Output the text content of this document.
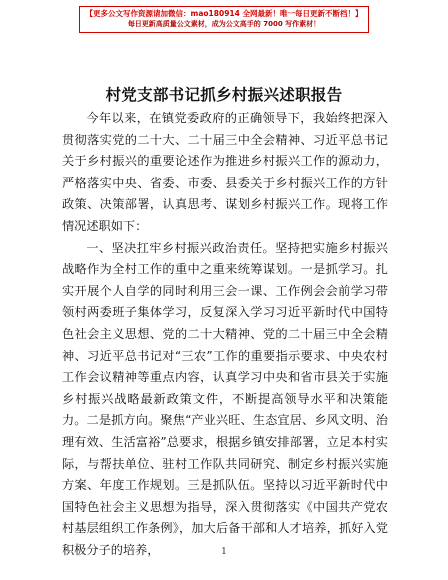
【更多公文写作资源请加微信：mao180914 全网最新！唯一每日更新不断档！】
每日更新高质量公文素材，成为公文高手的 7000 写作素材！
村党支部书记抓乡村振兴述职报告

今年以来，在镇党委政府的正确领导下，我始终把深入贯彻落实党的二十大、二十届三中全会精神、习近平总书记关于乡村振兴的重要论述作为推进乡村振兴工作的源动力，严格落实中央、省委、市委、县委关于乡村振兴工作的方针政策、决策部署，认真思考、谋划乡村振兴工作。现将工作情况述职如下：

一、坚决扛牢乡村振兴政治责任。坚持把实施乡村振兴战略作为全村工作的重中之重来统筹谋划。一是抓学习。扎实开展个人自学的同时利用三会一课、工作例会会前学习带领村两委班子集体学习，反复深入学习习近平新时代中国特色社会主义思想、党的二十大精神、党的二十届三中全会精神、习近平总书记对“三农”工作的重要指示要求、中央农村工作会议精神等重点内容，认真学习中央和省市县关于实施乡村振兴战略最新政策文件，不断提高领导水平和决策能力。二是抓方向。聚焦“产业兴旺、生态宜居、乡风文明、治理有效、生活富裕”总要求，根据乡镇安排部署，立足本村实际，与帮扶单位、驻村工作队共同研究、制定乡村振兴实施方案、年度工作规划。三是抓队伍。坚持以习近平新时代中国特色社会主义思想为指导，深入贯彻落实《中国共产党农村基层组织工作条例》，加大后备干部和人才培养，抓好入党积极分子的培养，	1
